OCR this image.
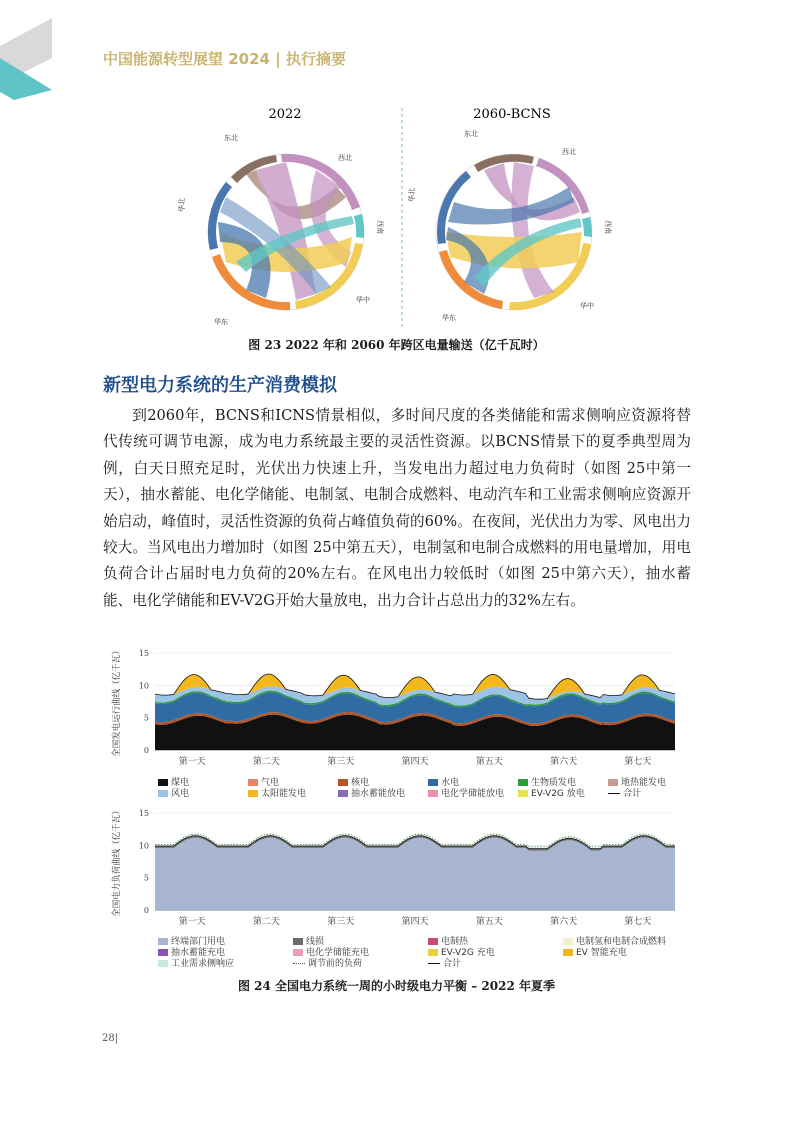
中国能源转型展望 2024 | 执行摘要
2022	2060-BCNS
东北
西北
西南
华中
华东
华北
东北
西北
西南
华中
华东
华北
图 23 2022 年和 2060 年跨区电量输送（亿千瓦时）
新型电力系统的生产消费模拟

到2060年，BCNS和ICNS情景相似，多时间尺度的各类储能和需求侧响应资源将替代传统可调节电源，成为电力系统最主要的灵活性资源。以BCNS情景下的夏季典型周为例，白天日照充足时，光伏出力快速上升，当发电出力超过电力负荷时（如图 25中第一天），抽水蓄能、电化学储能、电制氢、电制合成燃料、电动汽车和工业需求侧响应资源开始启动，峰值时，灵活性资源的负荷占峰值负荷的60%。在夜间，光伏出力为零、风电出力较大。当风电出力增加时（如图 25中第五天），电制氢和电制合成燃料的用电量增加，用电负荷合计占届时电力负荷的20%左右。在风电出力较低时（如图 25中第六天），抽水蓄能、电化学储能和EV-V2G开始大量放电，出力合计占总出力的32%左右。

0
5
10
15
全国发电运行曲线（亿千瓦）
第一天	第二天	第三天	第四天	第五天	第六天	第七天
煤电	气电	核电	水电	生物质发电	地热能发电
风电	太阳能发电	抽水蓄能放电	电化学储能放电	EV-V2G 放电	合计
0
5
10
15
全国电力负荷曲线（亿千瓦）
第一天	第二天	第三天	第四天	第五天	第六天	第七天
终端部门用电	线损	电制热	电制氢和电制合成燃料
抽水蓄能充电	电化学储能充电	EV-V2G 充电	EV 智能充电
工业需求侧响应	调节前的负荷	合计
图 24 全国电力系统一周的小时级电力平衡 – 2022 年夏季
28|
